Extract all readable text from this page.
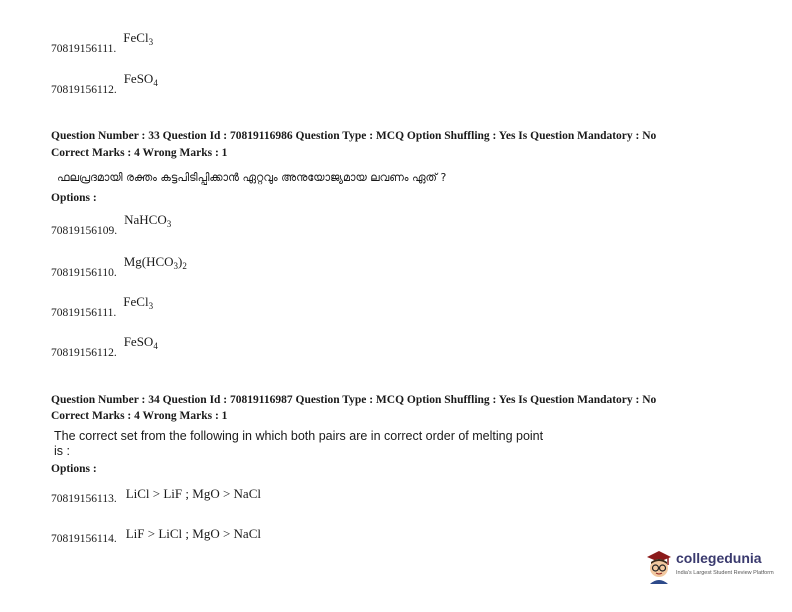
70819156111. FeCl$_3$
70819156112. FeSO$_4$
Question Number : 33 Question Id : 70819116986 Question Type : MCQ Option Shuffling : Yes Is Question Mandatory : No
Correct Marks : 4 Wrong Marks : 1
ഫലപ്രദമായി രക്തം കട്ടപിടിപ്പിക്കാൻ ഏറ്റവും അനുയോജ്യമായ ലവണം ഏത് ?
Options :
70819156109. NaHCO$_3$
70819156110. $Mg(HCO_3)_2$
70819156111. FeCl$_3$
70819156112. FeSO$_4$
Question Number : 34 Question Id : 70819116987 Question Type : MCQ Option Shuffling : Yes Is Question Mandatory : No
Correct Marks : 4 Wrong Marks : 1
The correct set from the following in which both pairs are in correct order of melting point
is :
Options :
70819156113. LiCl > LiF ; MgO > NaCl
70819156114. LiF > LiCl ; MgO > NaCl
collegedunia
India's Largest Student Review Platform
